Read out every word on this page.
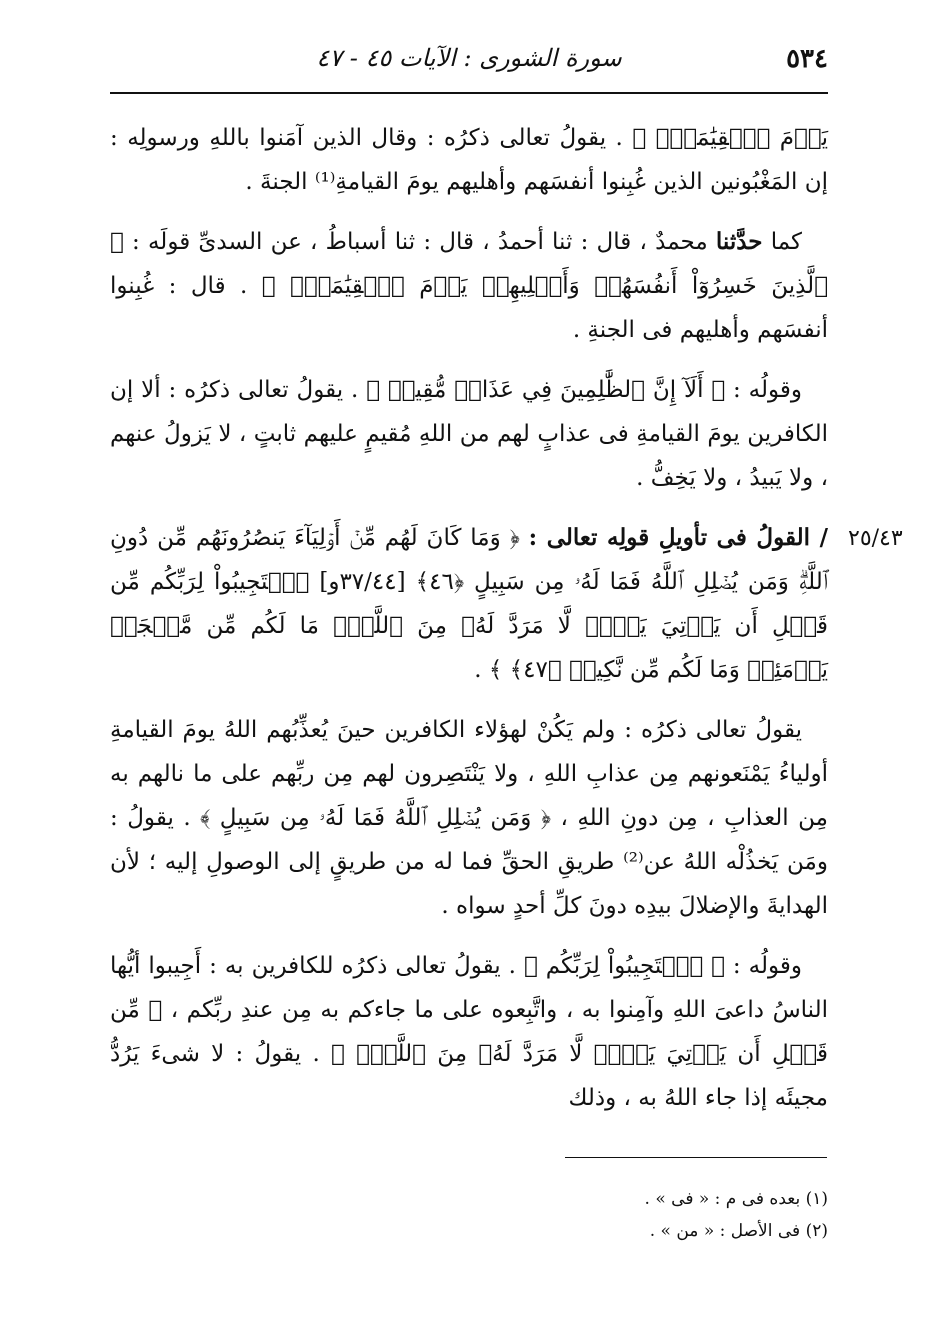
٥٣٤
سورة الشورى : الآيات ٤٥ - ٤٧
٢٥/٤٣

يَوۡمَ ٱلۡقِيَٰمَةِۗ ﴾ . يقولُ تعالى ذكرُه : وقال الذين آمَنوا باللهِ ورسولِه : إن المَغْبُونين الذين غُبِنوا أنفسَهم وأهليهم يومَ القيامةِ⁽¹⁾ الجنةَ .

كما حدَّثنا محمدٌ ، قال : ثنا أحمدُ ، قال : ثنا أسباطُ ، عن السدىِّ قولَه : ﴿ ٱلَّذِينَ خَسِرُوٓاْ أَنفُسَهُمۡ وَأَهۡلِيهِمۡ يَوۡمَ ٱلۡقِيَٰمَةِۗ ﴾ . قال : غُبِنوا أنفسَهم وأهليهم فى الجنةِ .

وقولُه : ﴿ أَلَآ إِنَّ ٱلظَّٰلِمِينَ فِي عَذَابٖ مُّقِيمٖ ﴾ . يقولُ تعالى ذكرُه : ألا إن الكافرين يومَ القيامةِ فى عذابٍ لهم من اللهِ مُقيمٍ عليهم ثابتٍ ، لا يَزولُ عنهم ، ولا يَبيدُ ، ولا يَخِفُّ .

/ القولُ فى تأويلِ قولِه تعالى : ﴿ وَمَا كَانَ لَهُم مِّنۡ أَوۡلِيَآءَ يَنصُرُونَهُم مِّن دُونِ ٱللَّهِۗ وَمَن يُضۡلِلِ ٱللَّهُ فَمَا لَهُۥ مِن سَبِيلٍ ﴿٤٦﴾ [٣٧/٤٤و] ٱسۡتَجِيبُواْ لِرَبِّكُم مِّن قَبۡلِ أَن يَأۡتِيَ يَوۡمٞ لَّا مَرَدَّ لَهُۥ مِنَ ٱللَّهِۚ مَا لَكُم مِّن مَّلۡجَإٖ يَوۡمَئِذٖ وَمَا لَكُم مِّن نَّكِيرٖ ﴿٤٧﴾ ﴾ .

يقولُ تعالى ذكرُه : ولم يَكُنْ لهؤلاء الكافرين حينَ يُعذِّبُهم اللهُ يومَ القيامةِ أولياءُ يَمْنَعونهم مِن عذابِ اللهِ ، ولا يَنْتَصِرون لهم مِن ربِّهم على ما نالهم به مِن العذابِ ، مِن دونِ اللهِ ، ﴿ وَمَن يُضۡلِلِ ٱللَّهُ فَمَا لَهُۥ مِن سَبِيلٍ ﴾ . يقولُ : ومَن يَخذُلْه اللهُ عن⁽²⁾ طريقِ الحقِّ فما له من طريقٍ إلى الوصولِ إليه ؛ لأن الهدايةَ والإضلالَ بيدِه دونَ كلِّ أحدٍ سواه .

وقولُه : ﴿ ٱسۡتَجِيبُواْ لِرَبِّكُم ﴾ . يقولُ تعالى ذكرُه للكافرين به : أَجِيبوا أيُّها الناسُ داعىَ اللهِ وآمِنوا به ، واتَّبِعوه على ما جاءكم به مِن عندِ ربِّكم ، ﴿ مِّن قَبۡلِ أَن يَأۡتِيَ يَوۡمٞ لَّا مَرَدَّ لَهُۥ مِنَ ٱللَّهِۚ ﴾ . يقولُ : لا شىءَ يَرُدُّ مجيئَه إذا جاء اللهُ به ، وذلك

(١) بعده فى م : « فى » .

(٢) فى الأصل : « من » .
